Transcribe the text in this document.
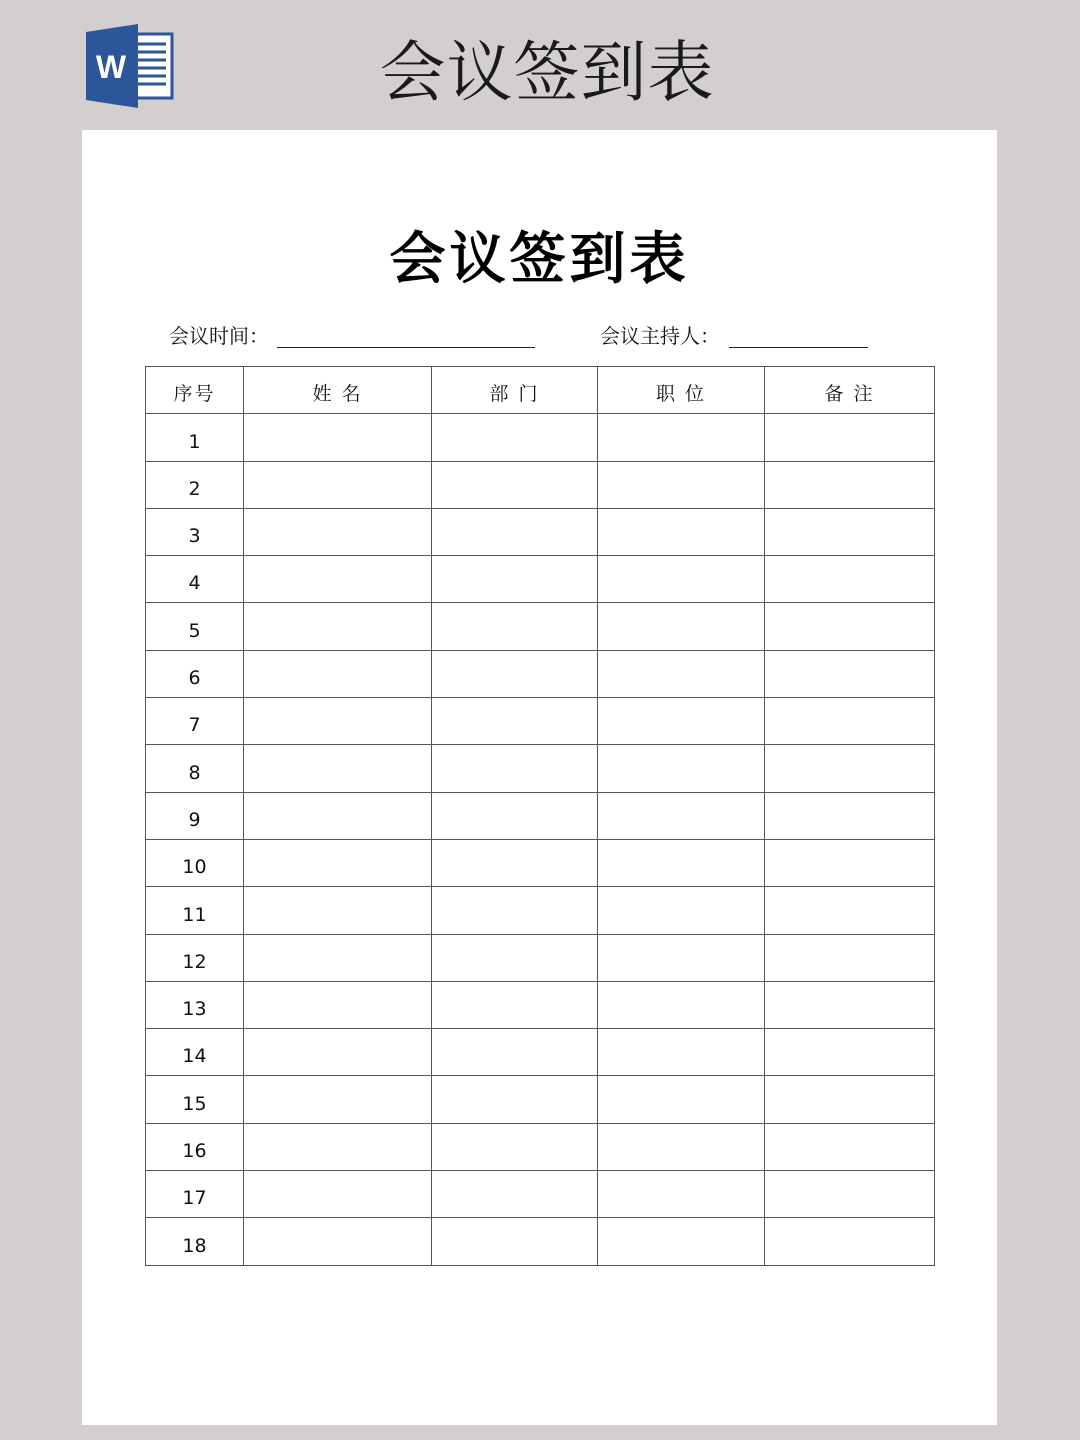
W	会议签到表
会议签到表
会议时间：	会议主持人：
序号	姓 名	部 门	职 位	备 注
1				
2				
3				
4				
5				
6				
7				
8				
9				
10				
11				
12				
13				
14				
15				
16				
17				
18				
